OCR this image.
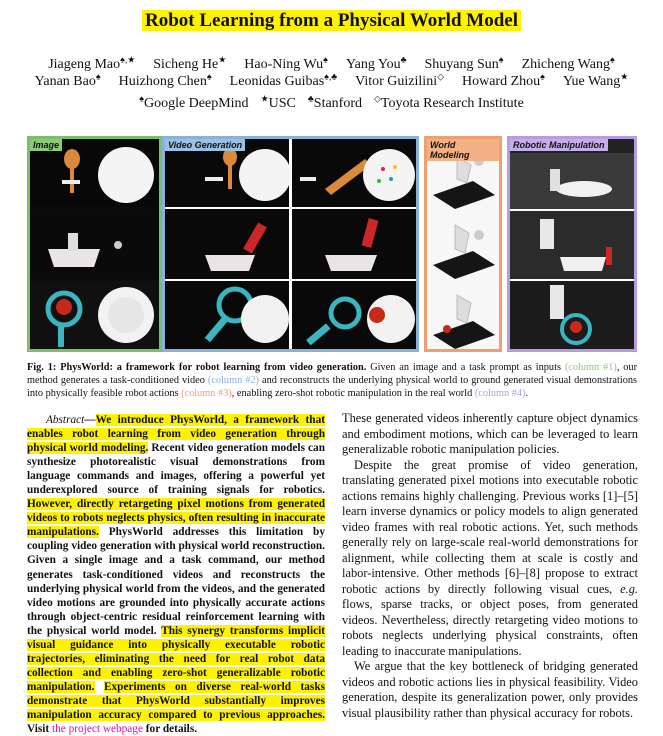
Robot Learning from a Physical World Model
Jiageng Mao♠,★ Sicheng He★ Hao-Ning Wu♠ Yang You♣ Shuyang Sun♠ Zhicheng Wang♠
Yanan Bao♠ Huizhong Chen♠ Leonidas Guibas♠,♣ Vitor Guizilini◇ Howard Zhou♠ Yue Wang★
♠Google DeepMind ★USC ♣Stanford ◇Toyota Research Institute
Image	Video Generation	World Modeling
Robotic Manipulation
Fig. 1: PhysWorld: a framework for robot learning from video generation. Given an image and a task prompt as inputs (column #1), our method generates a task-conditioned video (column #2) and reconstructs the underlying physical world to ground generated visual demonstrations into physically feasible robot actions (column #3), enabling zero-shot robotic manipulation in the real world (column #4).
Abstract—We introduce PhysWorld, a framework that enables robot learning from video generation through physical world modeling. Recent video generation models can synthesize photorealistic visual demonstrations from language commands and images, offering a powerful yet underexplored source of training signals for robotics. However, directly retargeting pixel motions from generated videos to robots neglects physics, often resulting in inaccurate manipulations. PhysWorld addresses this limitation by coupling video generation with physical world reconstruction. Given a single image and a task command, our method generates task-conditioned videos and reconstructs the underlying physical world from the videos, and the generated video motions are grounded into physically accurate actions through object-centric residual reinforcement learning with the physical world model. This synergy transforms implicit visual guidance into physically executable robotic trajectories, eliminating the need for real robot data collection and enabling zero-shot generalizable robotic manipulation. Experiments on diverse real-world tasks demonstrate that PhysWorld substantially improves manipulation accuracy compared to previous approaches. Visit the project webpage for details.

These generated videos inherently capture object dynamics and embodiment motions, which can be leveraged to learn generalizable robotic manipulation policies.

Despite the great promise of video generation, translating generated pixel motions into executable robotic actions remains highly challenging. Previous works [1]–[5] learn inverse dynamics or policy models to align generated video frames with real robotic actions. Yet, such methods generally rely on large-scale real-world demonstrations for alignment, while collecting them at scale is costly and labor-intensive. Other methods [6]–[8] propose to extract robotic actions by directly following visual cues, e.g. flows, sparse tracks, or object poses, from generated videos. Nevertheless, directly retargeting video motions to robots neglects underlying physical constraints, often leading to inaccurate manipulations.

We argue that the key bottleneck of bridging generated videos and robotic actions lies in physical feasibility. Video generation, despite its generalization power, only provides visual plausibility rather than physical accuracy for robots.
